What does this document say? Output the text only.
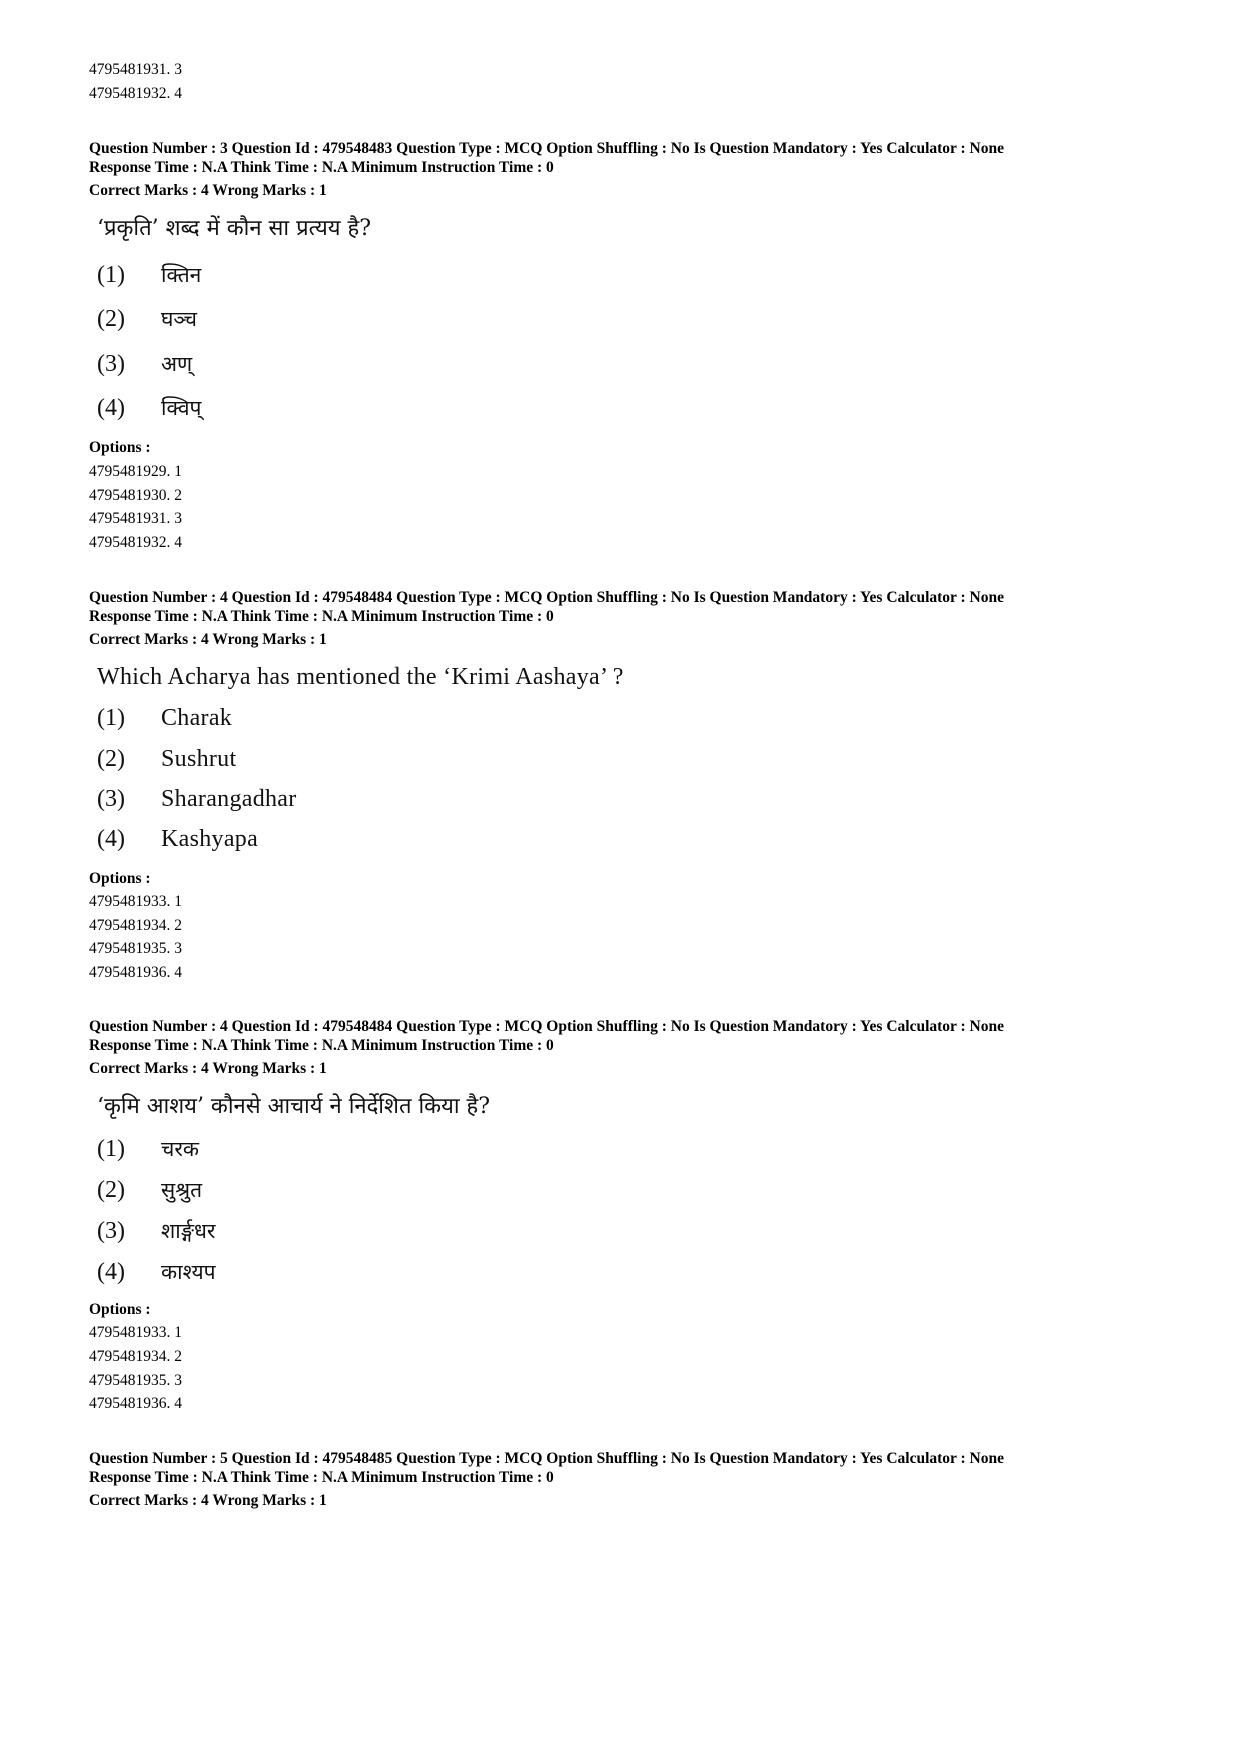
4795481931. 3
4795481932. 4
Question Number : 3 Question Id : 479548483 Question Type : MCQ Option Shuffling : No Is Question Mandatory : Yes Calculator : None
Response Time : N.A Think Time : N.A Minimum Instruction Time : 0
Correct Marks : 4 Wrong Marks : 1
‘प्रकृति’ शब्द में कौन सा प्रत्यय है?
(1) क्तिन
(2) घञ्च
(3) अण्
(4) क्विप्
Options :
4795481929. 1
4795481930. 2
4795481931. 3
4795481932. 4
Question Number : 4 Question Id : 479548484 Question Type : MCQ Option Shuffling : No Is Question Mandatory : Yes Calculator : None
Response Time : N.A Think Time : N.A Minimum Instruction Time : 0
Correct Marks : 4 Wrong Marks : 1
Which Acharya has mentioned the ‘Krimi Aashaya’ ?
(1) Charak
(2) Sushrut
(3) Sharangadhar
(4) Kashyapa
Options :
4795481933. 1
4795481934. 2
4795481935. 3
4795481936. 4
Question Number : 4 Question Id : 479548484 Question Type : MCQ Option Shuffling : No Is Question Mandatory : Yes Calculator : None
Response Time : N.A Think Time : N.A Minimum Instruction Time : 0
Correct Marks : 4 Wrong Marks : 1
‘कृमि आशय’ कौनसे आचार्य ने निर्देशित किया है?
(1) चरक
(2) सुश्रुत
(3) शार्ङ्गधर
(4) काश्यप
Options :
4795481933. 1
4795481934. 2
4795481935. 3
4795481936. 4
Question Number : 5 Question Id : 479548485 Question Type : MCQ Option Shuffling : No Is Question Mandatory : Yes Calculator : None
Response Time : N.A Think Time : N.A Minimum Instruction Time : 0
Correct Marks : 4 Wrong Marks : 1
